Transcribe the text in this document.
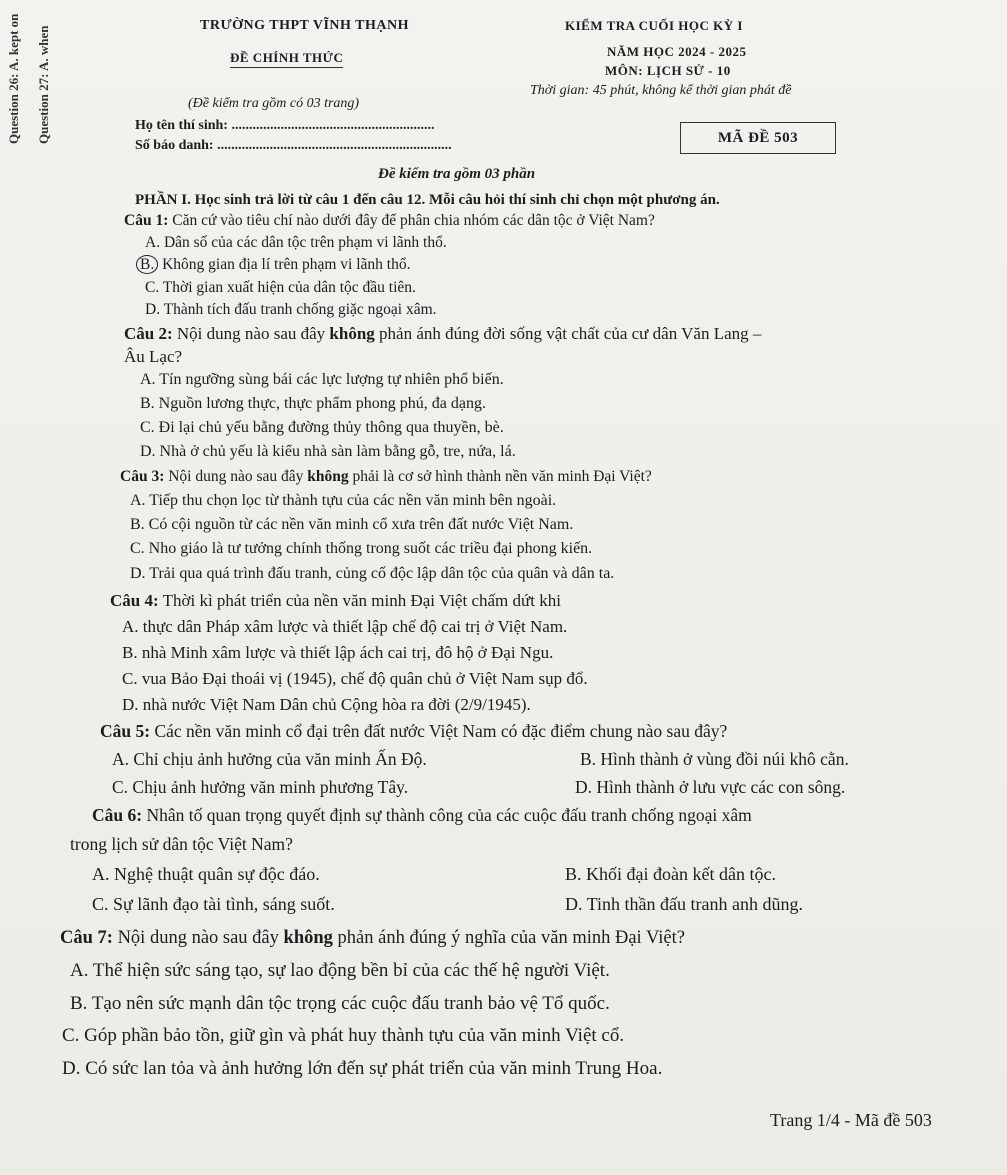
Question 26: A. kept on Question 27: A. when
TRƯỜNG THPT VĨNH THẠNH
ĐỀ CHÍNH THỨC
(Đề kiểm tra gồm có 03 trang)
KIỂM TRA CUỐI HỌC KỲ I
NĂM HỌC 2024 - 2025
MÔN: LỊCH SỬ - 10
Thời gian: 45 phút, không kể thời gian phát đề
Họ tên thí sinh: ..........................................................
Số báo danh: ...................................................................	MÃ ĐỀ 503
Đề kiểm tra gồm 03 phần
PHẦN I. Học sinh trả lời từ câu 1 đến câu 12. Mỗi câu hỏi thí sinh chỉ chọn một phương án.
Câu 1: Căn cứ vào tiêu chí nào dưới đây để phân chia nhóm các dân tộc ở Việt Nam?
A. Dân số của các dân tộc trên phạm vi lãnh thổ.
B. Không gian địa lí trên phạm vi lãnh thổ.
C. Thời gian xuất hiện của dân tộc đầu tiên.
D. Thành tích đấu tranh chống giặc ngoại xâm.
Câu 2: Nội dung nào sau đây không phản ánh đúng đời sống vật chất của cư dân Văn Lang –
Âu Lạc?
A. Tín ngưỡng sùng bái các lực lượng tự nhiên phổ biến.
B. Nguồn lương thực, thực phẩm phong phú, đa dạng.
C. Đi lại chủ yếu bằng đường thủy thông qua thuyền, bè.
D. Nhà ở chủ yếu là kiểu nhà sàn làm bằng gỗ, tre, nứa, lá.
Câu 3: Nội dung nào sau đây không phải là cơ sở hình thành nền văn minh Đại Việt?
A. Tiếp thu chọn lọc từ thành tựu của các nền văn minh bên ngoài.
B. Có cội nguồn từ các nền văn minh cổ xưa trên đất nước Việt Nam.
C. Nho giáo là tư tưởng chính thống trong suốt các triều đại phong kiến.
D. Trải qua quá trình đấu tranh, củng cố độc lập dân tộc của quân và dân ta.
Câu 4: Thời kì phát triển của nền văn minh Đại Việt chấm dứt khi
A. thực dân Pháp xâm lược và thiết lập chế độ cai trị ở Việt Nam.
B. nhà Minh xâm lược và thiết lập ách cai trị, đô hộ ở Đại Ngu.
C. vua Bảo Đại thoái vị (1945), chế độ quân chủ ở Việt Nam sụp đổ.
D. nhà nước Việt Nam Dân chủ Cộng hòa ra đời (2/9/1945).
Câu 5: Các nền văn minh cổ đại trên đất nước Việt Nam có đặc điểm chung nào sau đây?
A. Chỉ chịu ảnh hưởng của văn minh Ấn Độ.	B. Hình thành ở vùng đồi núi khô cằn.
C. Chịu ảnh hưởng văn minh phương Tây.	D. Hình thành ở lưu vực các con sông.
Câu 6: Nhân tố quan trọng quyết định sự thành công của các cuộc đấu tranh chống ngoại xâm
trong lịch sử dân tộc Việt Nam?
A. Nghệ thuật quân sự độc đáo.	B. Khối đại đoàn kết dân tộc.
C. Sự lãnh đạo tài tình, sáng suốt.	D. Tinh thần đấu tranh anh dũng.
Câu 7: Nội dung nào sau đây không phản ánh đúng ý nghĩa của văn minh Đại Việt?
A. Thể hiện sức sáng tạo, sự lao động bền bỉ của các thế hệ người Việt.
B. Tạo nên sức mạnh dân tộc trọng các cuộc đấu tranh bảo vệ Tổ quốc.
C. Góp phần bảo tồn, giữ gìn và phát huy thành tựu của văn minh Việt cổ.
D. Có sức lan tỏa và ảnh hưởng lớn đến sự phát triển của văn minh Trung Hoa.
Trang 1/4 - Mã đề 503
